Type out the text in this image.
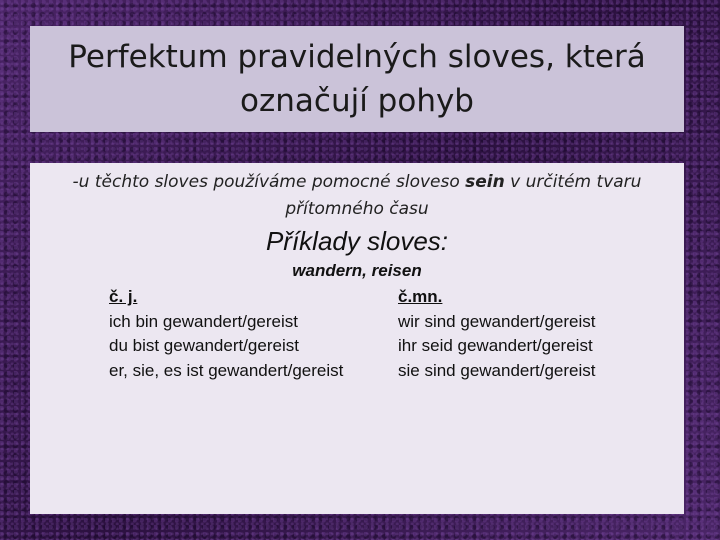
Perfektum pravidelných sloves, která označují pohyb
-u těchto sloves používáme pomocné sloveso sein v určitém tvaru přítomného času
Příklady sloves:
wandern, reisen
č. j.
ich bin gewandert/gereist
du bist gewandert/gereist
er, sie, es ist gewandert/gereist
č.mn.
wir sind gewandert/gereist
ihr seid gewandert/gereist
sie sind gewandert/gereist
